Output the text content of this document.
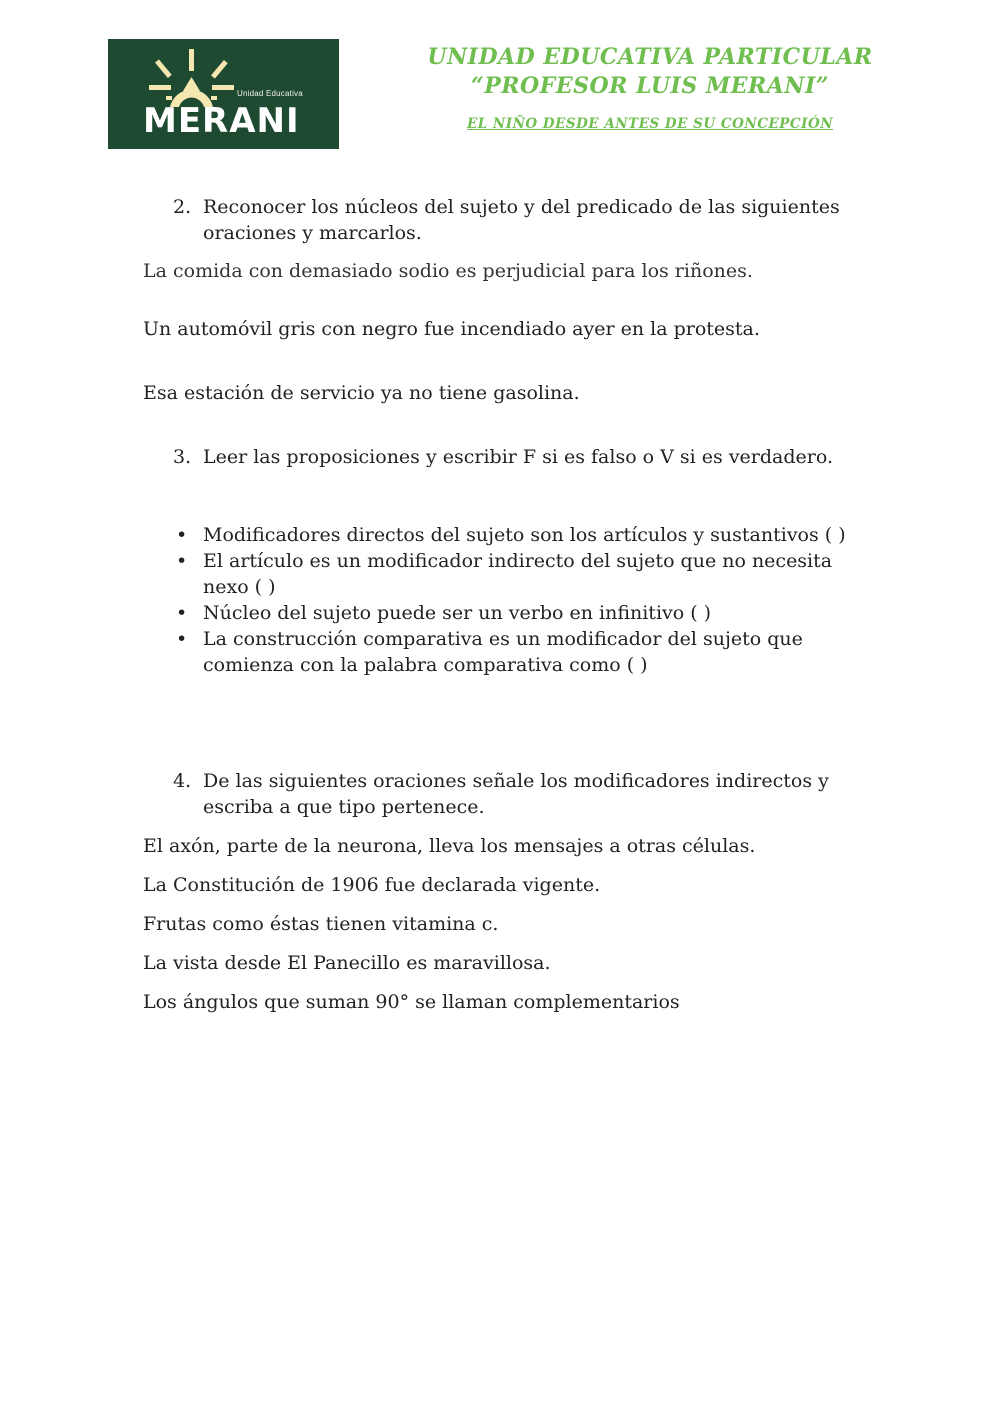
Unidad Educativa
MERANI
UNIDAD EDUCATIVA PARTICULAR
“PROFESOR LUIS MERANI”
EL NIÑO DESDE ANTES DE SU CONCEPCIÓN
2. Reconocer los núcleos del sujeto y del predicado de las siguientes oraciones y marcarlos.

La comida con demasiado sodio es perjudicial para los riñones.

Un automóvil gris con negro fue incendiado ayer en la protesta.

Esa estación de servicio ya no tiene gasolina.

3. Leer las proposiciones y escribir F si es falso o V si es verdadero.
• Modificadores directos del sujeto son los artículos y sustantivos ( )
• El artículo es un modificador indirecto del sujeto que no necesita nexo ( )
• Núcleo del sujeto puede ser un verbo en infinitivo ( )
• La construcción comparativa es un modificador del sujeto que comienza con la palabra comparativa como ( )
4. De las siguientes oraciones señale los modificadores indirectos y escriba a que tipo pertenece.

El axón, parte de la neurona, lleva los mensajes a otras células.

La Constitución de 1906 fue declarada vigente.

Frutas como éstas tienen vitamina c.

La vista desde El Panecillo es maravillosa.

Los ángulos que suman 90° se llaman complementarios
